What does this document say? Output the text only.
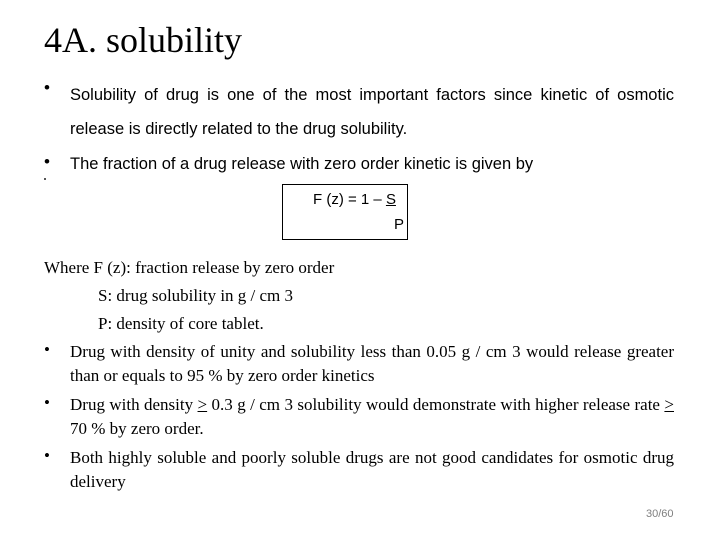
4A. solubility
•	Solubility of drug is one of the most important factors since kinetic of osmotic release is directly related to the drug solubility.
•	The fraction of a drug release with zero order kinetic is given by
F (z) = 1 – S
P
Where F (z): fraction release by zero order
S: drug solubility in g / cm 3
P: density of core tablet.
•	Drug with density of unity and solubility less than 0.05 g / cm 3 would release greater than or equals to 95 % by zero order kinetics
•	Drug with density > 0.3 g / cm 3 solubility would demonstrate with higher release rate > 70 % by zero order.
•	Both highly soluble and poorly soluble drugs are not good candidates for osmotic drug delivery
30/60
